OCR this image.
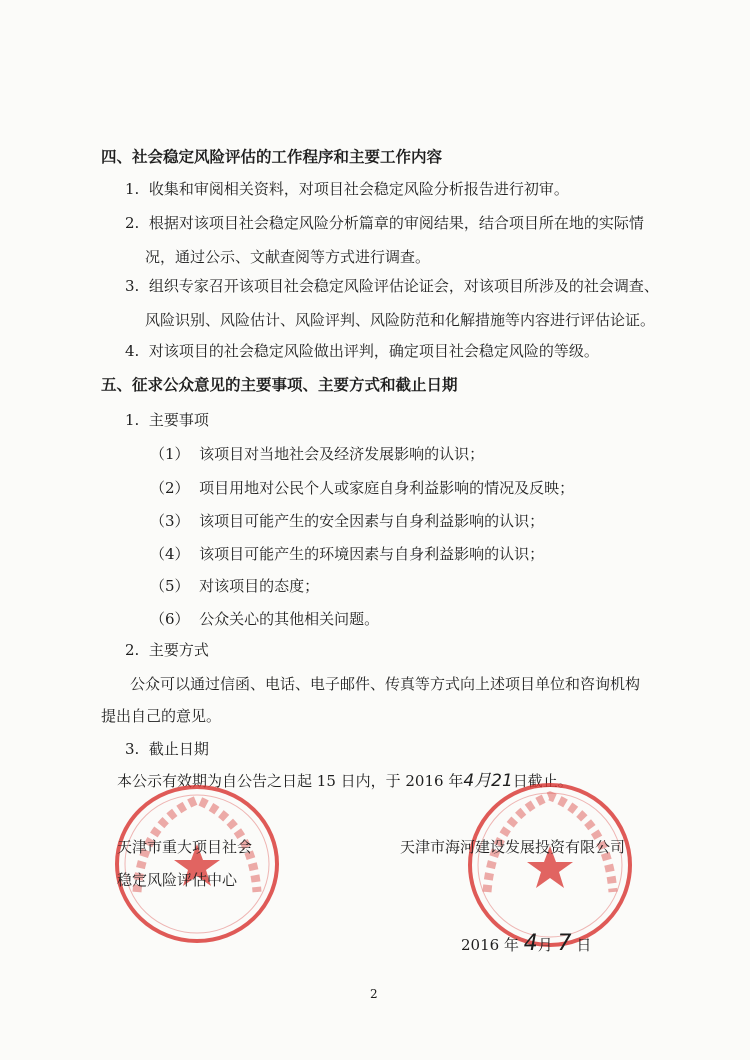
四、社会稳定风险评估的工作程序和主要工作内容
1. 收集和审阅相关资料，对项目社会稳定风险分析报告进行初审。
2. 根据对该项目社会稳定风险分析篇章的审阅结果，结合项目所在地的实际情
况，通过公示、文献查阅等方式进行调查。
3. 组织专家召开该项目社会稳定风险评估论证会，对该项目所涉及的社会调查、
风险识别、风险估计、风险评判、风险防范和化解措施等内容进行评估论证。
4. 对该项目的社会稳定风险做出评判，确定项目社会稳定风险的等级。
五、征求公众意见的主要事项、主要方式和截止日期
1. 主要事项
（1） 该项目对当地社会及经济发展影响的认识；
（2） 项目用地对公民个人或家庭自身利益影响的情况及反映；
（3） 该项目可能产生的安全因素与自身利益影响的认识；
（4） 该项目可能产生的环境因素与自身利益影响的认识；
（5） 对该项目的态度；
（6） 公众关心的其他相关问题。
2. 主要方式
公众可以通过信函、电话、电子邮件、传真等方式向上述项目单位和咨询机构
提出自己的意见。
3. 截止日期
本公示有效期为自公告之日起 15 日内，于 2016 年4月21日截止。
天津市重大项目社会
稳定风险评估中心
天津市海河建设发展投资有限公司
2016 年 4月 7 日
2
